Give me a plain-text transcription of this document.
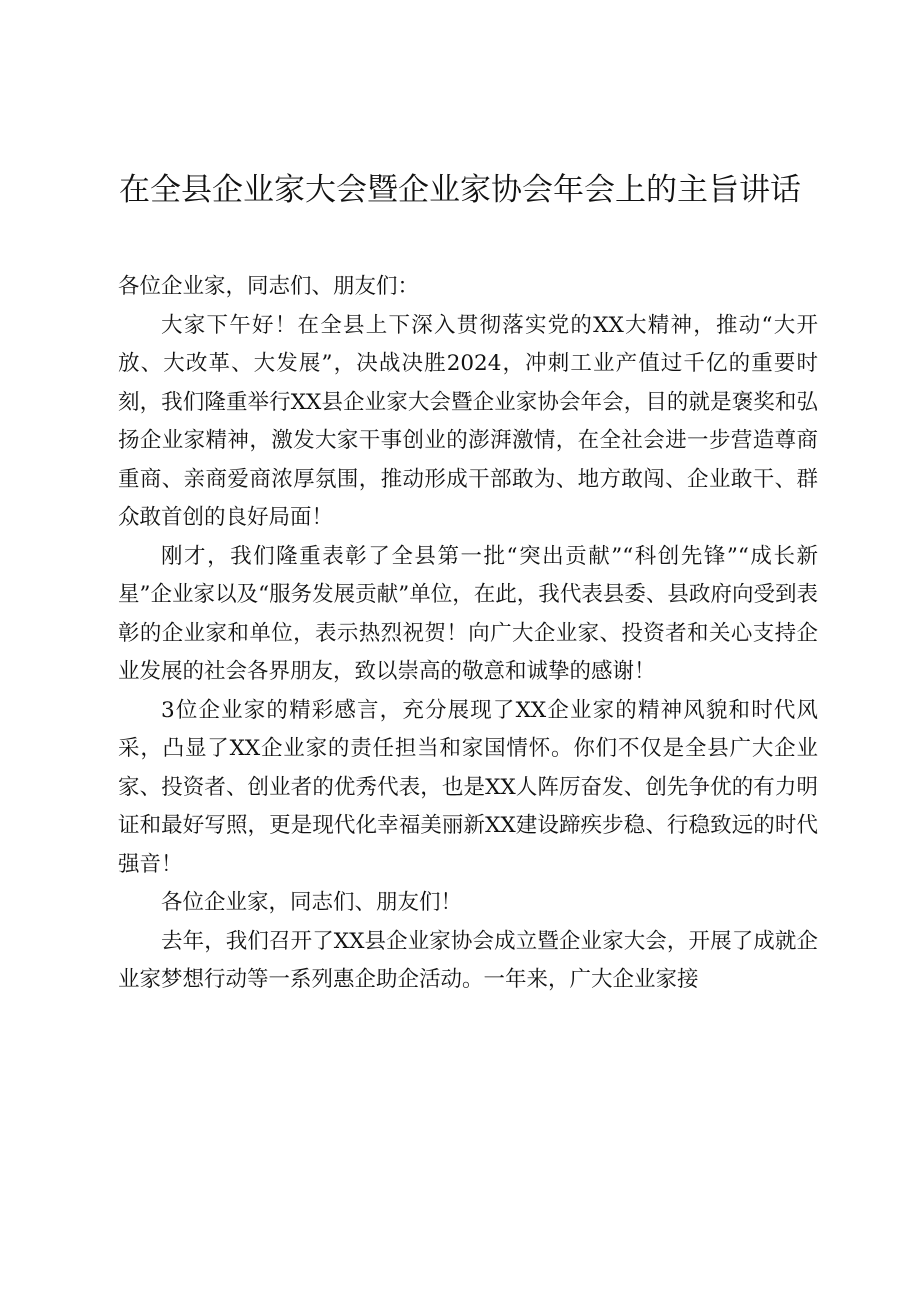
在全县企业家大会暨企业家协会年会上的主旨讲话

各位企业家，同志们、朋友们：

大家下午好！在全县上下深入贯彻落实党的XX大精神，推动“大开放、大改革、大发展”，决战决胜2024，冲刺工业产值过千亿的重要时刻，我们隆重举行XX县企业家大会暨企业家协会年会，目的就是褒奖和弘扬企业家精神，激发大家干事创业的澎湃激情，在全社会进一步营造尊商重商、亲商爱商浓厚氛围，推动形成干部敢为、地方敢闯、企业敢干、群众敢首创的良好局面！

刚才，我们隆重表彰了全县第一批“突出贡献”“科创先锋”“成长新星”企业家以及“服务发展贡献”单位，在此，我代表县委、县政府向受到表彰的企业家和单位，表示热烈祝贺！向广大企业家、投资者和关心支持企业发展的社会各界朋友，致以崇高的敬意和诚挚的感谢！

3位企业家的精彩感言，充分展现了XX企业家的精神风貌和时代风采，凸显了XX企业家的责任担当和家国情怀。你们不仅是全县广大企业家、投资者、创业者的优秀代表，也是XX人阵厉奋发、创先争优的有力明证和最好写照，更是现代化幸福美丽新XX建设蹄疾步稳、行稳致远的时代强音！

各位企业家，同志们、朋友们！

去年，我们召开了XX县企业家协会成立暨企业家大会，开展了成就企业家梦想行动等一系列惠企助企活动。一年来，广大企业家接
